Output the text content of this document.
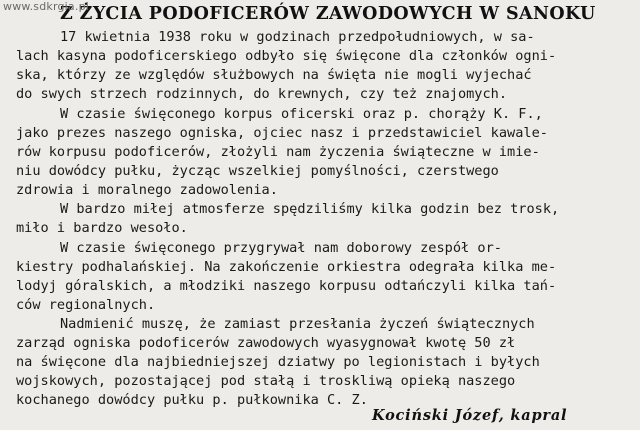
Z ŻYCIA PODOFICERÓW ZAWODOWYCH W SANOKU
www.sdkrgia.pl
17 kwietnia 1938 roku w godzinach przedpołudniowych, w sa-
lach kasyna podoficerskiego odbyło się święcone dla członków ogni-
ska, którzy ze względów służbowych na święta nie mogli wyjechać
do swych strzech rodzinnych, do krewnych, czy też znajomych.
W czasie święconego korpus oficerski oraz p. chorąży K. F.,
jako prezes naszego ogniska, ojciec nasz i przedstawiciel kawale-
rów korpusu podoficerów, złożyli nam życzenia świąteczne w imie-
niu dowódcy pułku, życząc wszelkiej pomyślności, czerstwego
zdrowia i moralnego zadowolenia.
W bardzo miłej atmosferze spędziliśmy kilka godzin bez trosk,
miło i bardzo wesoło.
W czasie święconego przygrywał nam doborowy zespół or-
kiestry podhalańskiej. Na zakończenie orkiestra odegrała kilka me-
lodyj góralskich, a młodziki naszego korpusu odtańczyli kilka tań-
ców regionalnych.
Nadmienić muszę, że zamiast przesłania życzeń świątecznych
zarząd ogniska podoficerów zawodowych wyasygnował kwotę 50 zł
na święcone dla najbiedniejszej dziatwy po legionistach i byłych
wojskowych, pozostającej pod stałą i troskliwą opieką naszego
kochanego dowódcy pułku p. pułkownika C. Z.
Kociński Józef, kapral
